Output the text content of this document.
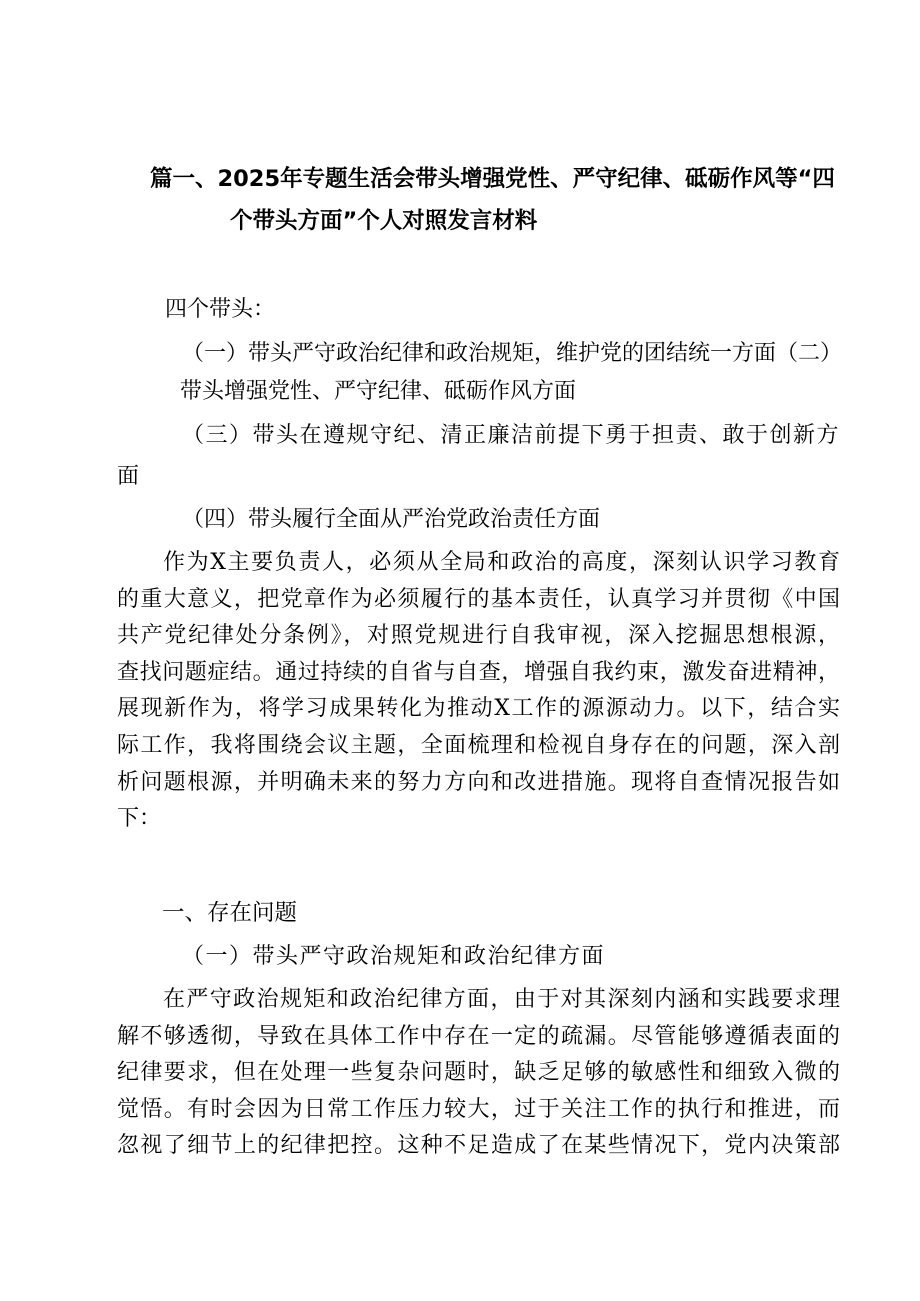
篇一、2025年专题生活会带头增强党性、严守纪律、砥砺作风等“四
个带头方面”个人对照发言材料
四个带头：
（一）带头严守政治纪律和政治规矩，维护党的团结统一方面（二）
带头增强党性、严守纪律、砥砺作风方面
（三）带头在遵规守纪、清正廉洁前提下勇于担责、敢于创新方
面
（四）带头履行全面从严治党政治责任方面
作为X主要负责人，必须从全局和政治的高度，深刻认识学习教育
的重大意义，把党章作为必须履行的基本责任，认真学习并贯彻《中国
共产党纪律处分条例》，对照党规进行自我审视，深入挖掘思想根源，
查找问题症结。通过持续的自省与自查，增强自我约束，激发奋进精神，
展现新作为，将学习成果转化为推动X工作的源源动力。以下，结合实
际工作，我将围绕会议主题，全面梳理和检视自身存在的问题，深入剖
析问题根源，并明确未来的努力方向和改进措施。现将自查情况报告如
下：
一、存在问题
（一）带头严守政治规矩和政治纪律方面
在严守政治规矩和政治纪律方面，由于对其深刻内涵和实践要求理
解不够透彻，导致在具体工作中存在一定的疏漏。尽管能够遵循表面的
纪律要求，但在处理一些复杂问题时，缺乏足够的敏感性和细致入微的
觉悟。有时会因为日常工作压力较大，过于关注工作的执行和推进，而
忽视了细节上的纪律把控。这种不足造成了在某些情况下，党内决策部
